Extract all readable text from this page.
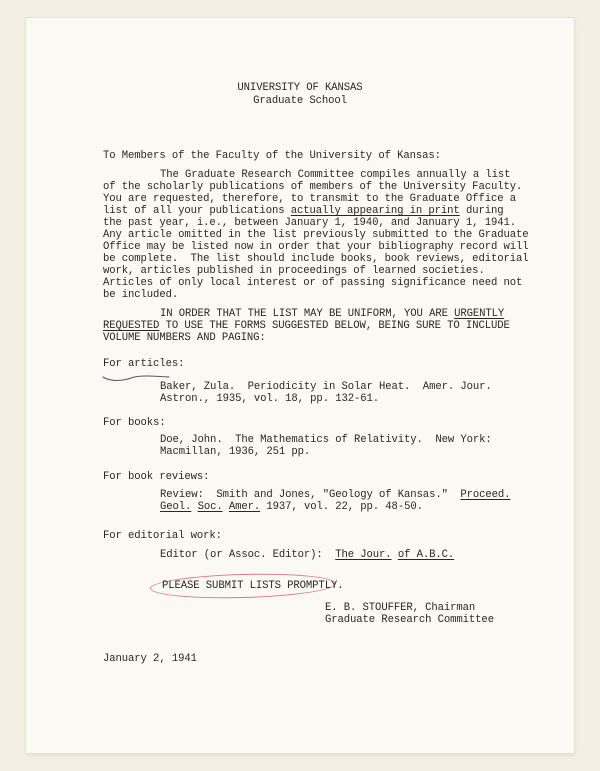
UNIVERSITY OF KANSAS
Graduate School
To Members of the Faculty of the University of Kansas:
The Graduate Research Committee compiles annually a list
of the scholarly publications of members of the University Faculty.
You are requested, therefore, to transmit to the Graduate Office a
list of all your publications actually appearing in print during
the past year, i.e., between January 1, 1940, and January 1, 1941.
Any article omitted in the list previously submitted to the Graduate
Office may be listed now in order that your bibliography record will
be complete.  The list should include books, book reviews, editorial
work, articles published in proceedings of learned societies.
Articles of only local interest or of passing significance need not
be included.
IN ORDER THAT THE LIST MAY BE UNIFORM, YOU ARE URGENTLY
REQUESTED TO USE THE FORMS SUGGESTED BELOW, BEING SURE TO INCLUDE
VOLUME NUMBERS AND PAGING:
For articles:
Baker, Zula.  Periodicity in Solar Heat.  Amer. Jour.
Astron., 1935, vol. 18, pp. 132-61.
For books:
Doe, John.  The Mathematics of Relativity.  New York:
Macmillan, 1936, 251 pp.
For book reviews:
Review:  Smith and Jones, "Geology of Kansas."  Proceed.
Geol. Soc. Amer. 1937, vol. 22, pp. 48-50.
For editorial work:
Editor (or Assoc. Editor):  The Jour. of A.B.C.
PLEASE SUBMIT LISTS PROMPTLY.
E. B. STOUFFER, Chairman
Graduate Research Committee
January 2, 1941
